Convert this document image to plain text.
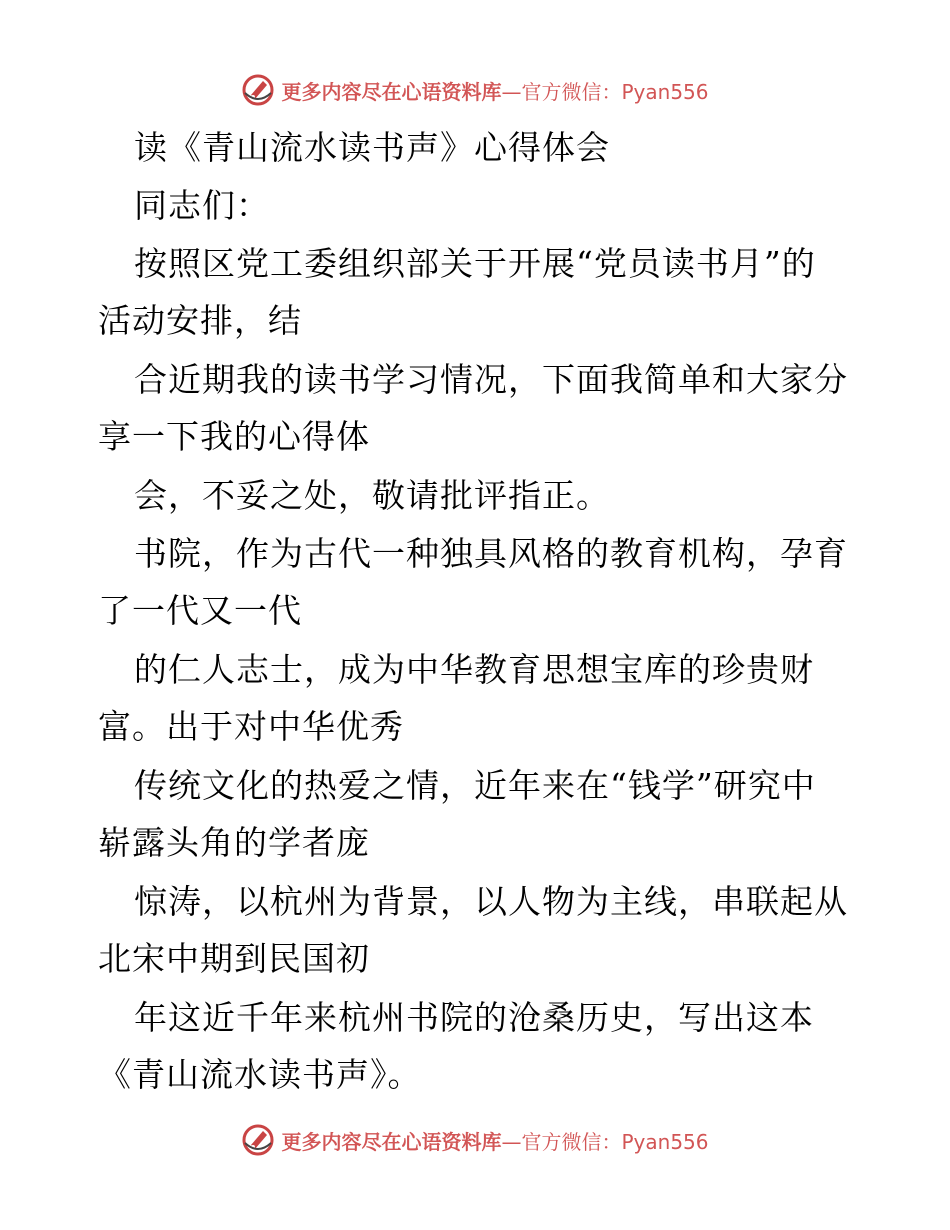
更多内容尽在心语资料库—官方微信：Pyan556
读《青山流水读书声》心得体会
同志们：
按照区党工委组织部关于开展“党员读书月”的
活动安排，结
合近期我的读书学习情况，下面我简单和大家分
享一下我的心得体
会，不妥之处，敬请批评指正。
书院，作为古代一种独具风格的教育机构，孕育
了一代又一代
的仁人志士，成为中华教育思想宝库的珍贵财
富。出于对中华优秀
传统文化的热爱之情，近年来在“钱学”研究中
崭露头角的学者庞
惊涛，以杭州为背景，以人物为主线，串联起从
北宋中期到民国初
年这近千年来杭州书院的沧桑历史，写出这本
《青山流水读书声》。
更多内容尽在心语资料库—官方微信：Pyan556
